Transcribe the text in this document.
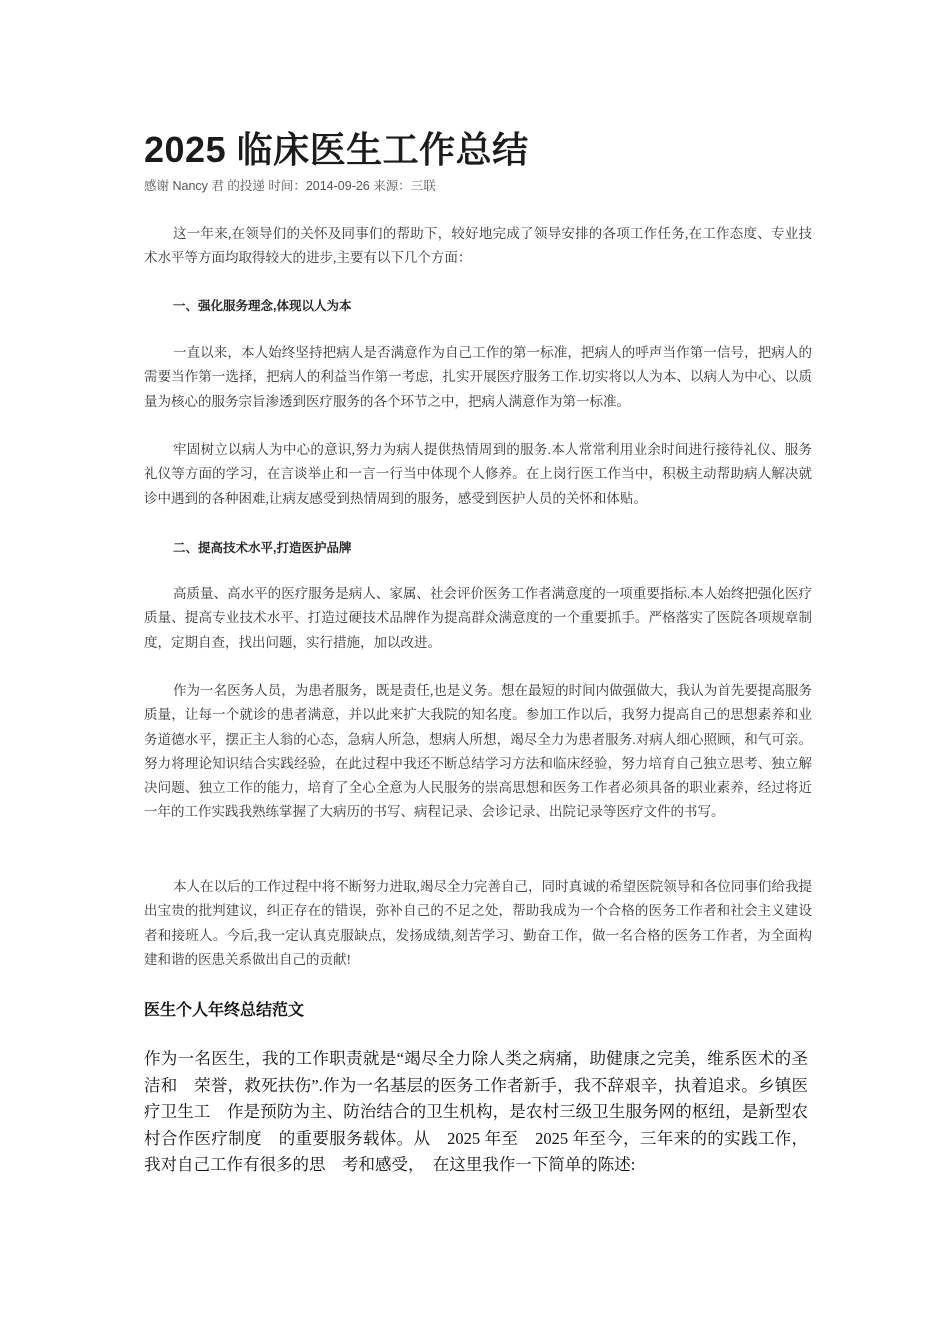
2025 临床医生工作总结
感谢 Nancy 君 的投递 时间：2014-09-26 来源：三联

这一年来,在领导们的关怀及同事们的帮助下，较好地完成了领导安排的各项工作任务,在工作态度、专业技术水平等方面均取得较大的进步,主要有以下几个方面：

一、强化服务理念,体现以人为本

一直以来，本人始终坚持把病人是否满意作为自己工作的第一标准，把病人的呼声当作第一信号，把病人的需要当作第一选择，把病人的利益当作第一考虑，扎实开展医疗服务工作.切实将以人为本、以病人为中心、以质量为核心的服务宗旨渗透到医疗服务的各个环节之中，把病人满意作为第一标准。

牢固树立以病人为中心的意识,努力为病人提供热情周到的服务.本人常常利用业余时间进行接待礼仪、服务礼仪等方面的学习，在言谈举止和一言一行当中体现个人修养。在上岗行医工作当中，积极主动帮助病人解决就诊中遇到的各种困难,让病友感受到热情周到的服务，感受到医护人员的关怀和体贴。

二、提高技术水平,打造医护品牌

高质量、高水平的医疗服务是病人、家属、社会评价医务工作者满意度的一项重要指标.本人始终把强化医疗质量、提高专业技术水平、打造过硬技术品牌作为提高群众满意度的一个重要抓手。严格落实了医院各项规章制度，定期自查，找出问题，实行措施，加以改进。

作为一名医务人员，为患者服务，既是责任,也是义务。想在最短的时间内做强做大，我认为首先要提高服务质量，让每一个就诊的患者满意，并以此来扩大我院的知名度。参加工作以后，我努力提高自己的思想素养和业务道德水平，摆正主人翁的心态，急病人所急，想病人所想，竭尽全力为患者服务.对病人细心照顾，和气可亲。努力将理论知识结合实践经验，在此过程中我还不断总结学习方法和临床经验，努力培育自己独立思考、独立解决问题、独立工作的能力，培育了全心全意为人民服务的崇高思想和医务工作者必须具备的职业素养，经过将近一年的工作实践我熟练掌握了大病历的书写、病程记录、会诊记录、出院记录等医疗文件的书写。

本人在以后的工作过程中将不断努力进取,竭尽全力完善自己，同时真诚的希望医院领导和各位同事们给我提出宝贵的批判建议，纠正存在的错误，弥补自己的不足之处，帮助我成为一个合格的医务工作者和社会主义建设者和接班人。今后,我一定认真克服缺点，发扬成绩,刻苦学习、勤奋工作，做一名合格的医务工作者，为全面构建和谐的医患关系做出自己的贡献!

医生个人年终总结范文

作为一名医生，我的工作职责就是“竭尽全力除人类之病痛，助健康之完美，维系医术的圣洁和　荣誉，救死扶伤”.作为一名基层的医务工作者新手，我不辞艰辛，执着追求。乡镇医疗卫生工　作是预防为主、防治结合的卫生机构，是农村三级卫生服务网的枢纽，是新型农村合作医疗制度　的重要服务载体。从　2025 年至　2025 年至今，三年来的的实践工作，我对自己工作有很多的思　考和感受，　在这里我作一下简单的陈述:
